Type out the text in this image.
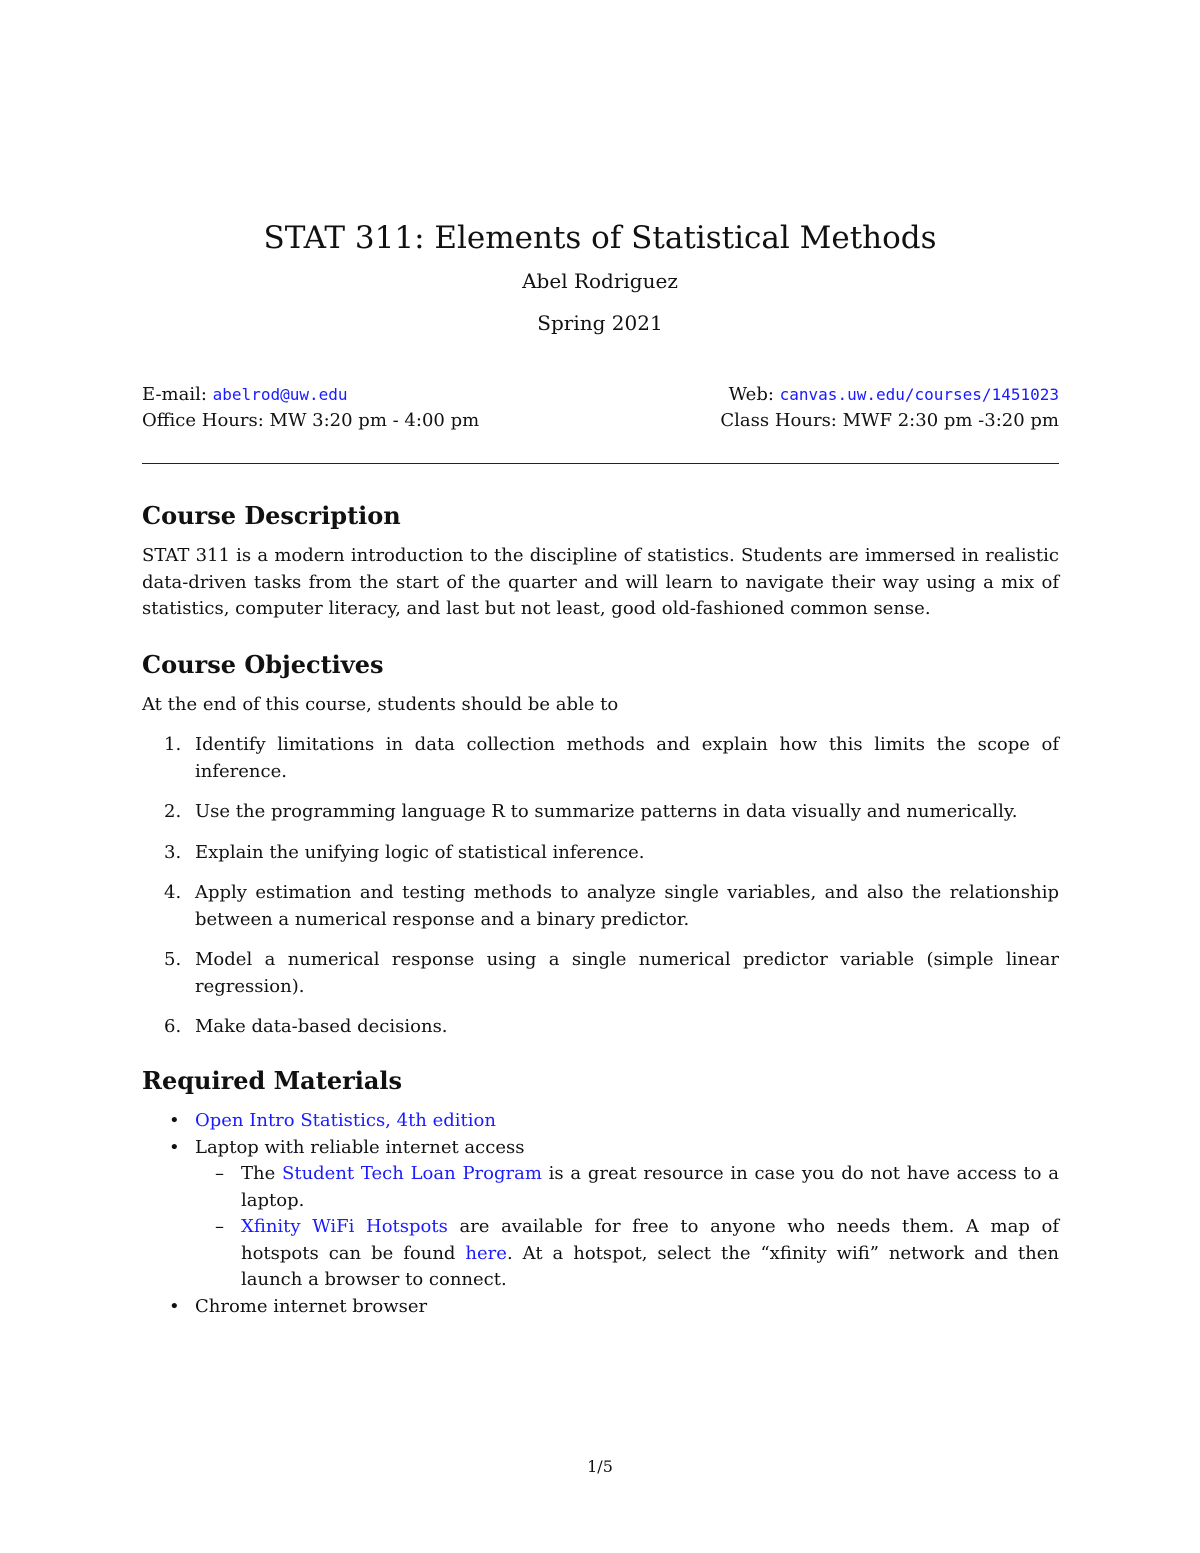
STAT 311: Elements of Statistical Methods
Abel Rodriguez
Spring 2021
E-mail: abelrod@uw.edu	Web: canvas.uw.edu/courses/1451023
Office Hours: MW 3:20 pm - 4:00 pm	Class Hours: MWF 2:30 pm -3:20 pm
Course Description

STAT 311 is a modern introduction to the discipline of statistics. Students are immersed in realistic data-driven tasks from the start of the quarter and will learn to navigate their way using a mix of statistics, computer literacy, and last but not least, good old-fashioned common sense.

Course Objectives

At the end of this course, students should be able to

1. Identify limitations in data collection methods and explain how this limits the scope of inference.
2. Use the programming language R to summarize patterns in data visually and numerically.
3. Explain the unifying logic of statistical inference.
4. Apply estimation and testing methods to analyze single variables, and also the relationship between a numerical response and a binary predictor.
5. Model a numerical response using a single numerical predictor variable (simple linear regression).
6. Make data-based decisions.
Required Materials
• Open Intro Statistics, 4th edition
• Laptop with reliable internet access
– The Student Tech Loan Program is a great resource in case you do not have access to a laptop.
– Xfinity WiFi Hotspots are available for free to anyone who needs them. A map of hotspots can be found here. At a hotspot, select the “xfinity wifi” network and then launch a browser to connect.
• Chrome internet browser
1/5
